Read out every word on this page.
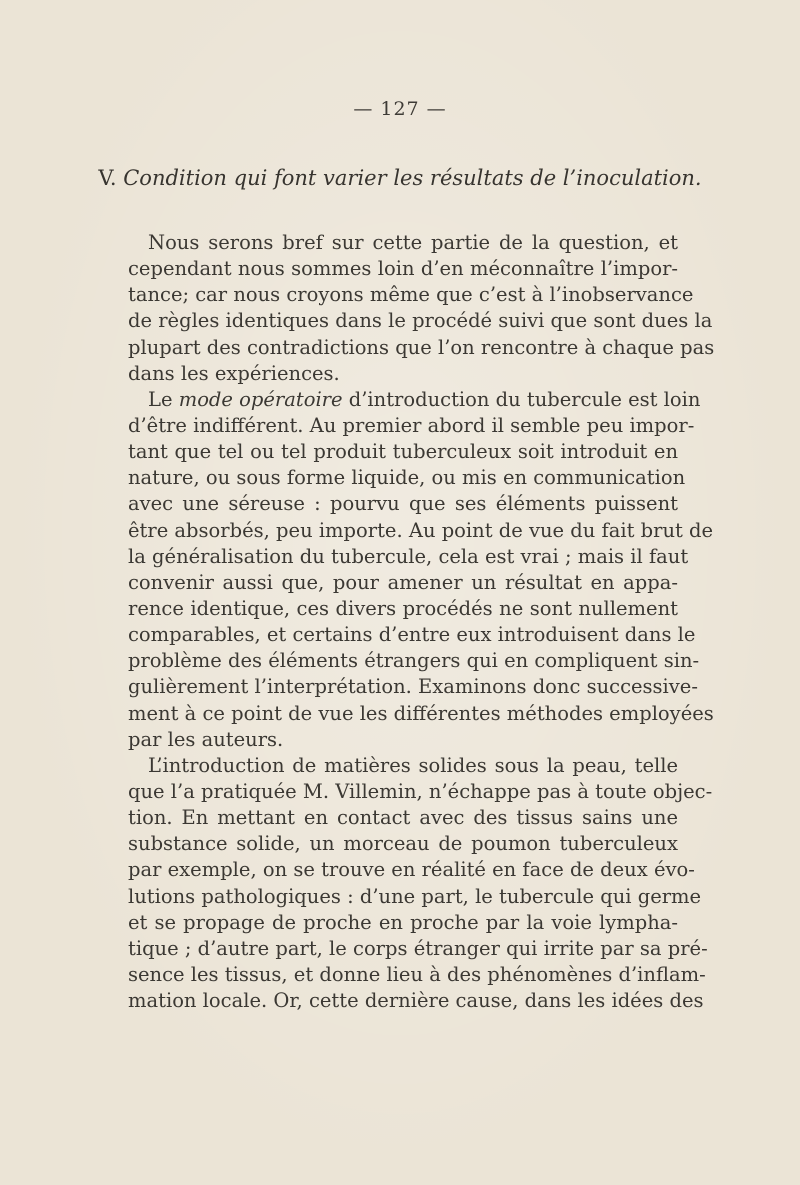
— 127 —
V. Condition qui font varier les résultats de l’inoculation.
Nous serons bref sur cette partie de la question, et
cependant nous sommes loin d’en méconnaître l’impor-
tance; car nous croyons même que c’est à l’inobservance
de règles identiques dans le procédé suivi que sont dues la
plupart des contradictions que l’on rencontre à chaque pas
dans les expériences.
Le mode opératoire d’introduction du tubercule est loin
d’être indifférent. Au premier abord il semble peu impor-
tant que tel ou tel produit tuberculeux soit introduit en
nature, ou sous forme liquide, ou mis en communication
avec une séreuse : pourvu que ses éléments puissent
être absorbés, peu importe. Au point de vue du fait brut de
la généralisation du tubercule, cela est vrai ; mais il faut
convenir aussi que, pour amener un résultat en appa-
rence identique, ces divers procédés ne sont nullement
comparables, et certains d’entre eux introduisent dans le
problème des éléments étrangers qui en compliquent sin-
gulièrement l’interprétation. Examinons donc successive-
ment à ce point de vue les différentes méthodes employées
par les auteurs.
L’introduction de matières solides sous la peau, telle
que l’a pratiquée M. Villemin, n’échappe pas à toute objec-
tion. En mettant en contact avec des tissus sains une
substance solide, un morceau de poumon tuberculeux
par exemple, on se trouve en réalité en face de deux évo-
lutions pathologiques : d’une part, le tubercule qui germe
et se propage de proche en proche par la voie lympha-
tique ; d’autre part, le corps étranger qui irrite par sa pré-
sence les tissus, et donne lieu à des phénomènes d’inflam-
mation locale. Or, cette dernière cause, dans les idées des
